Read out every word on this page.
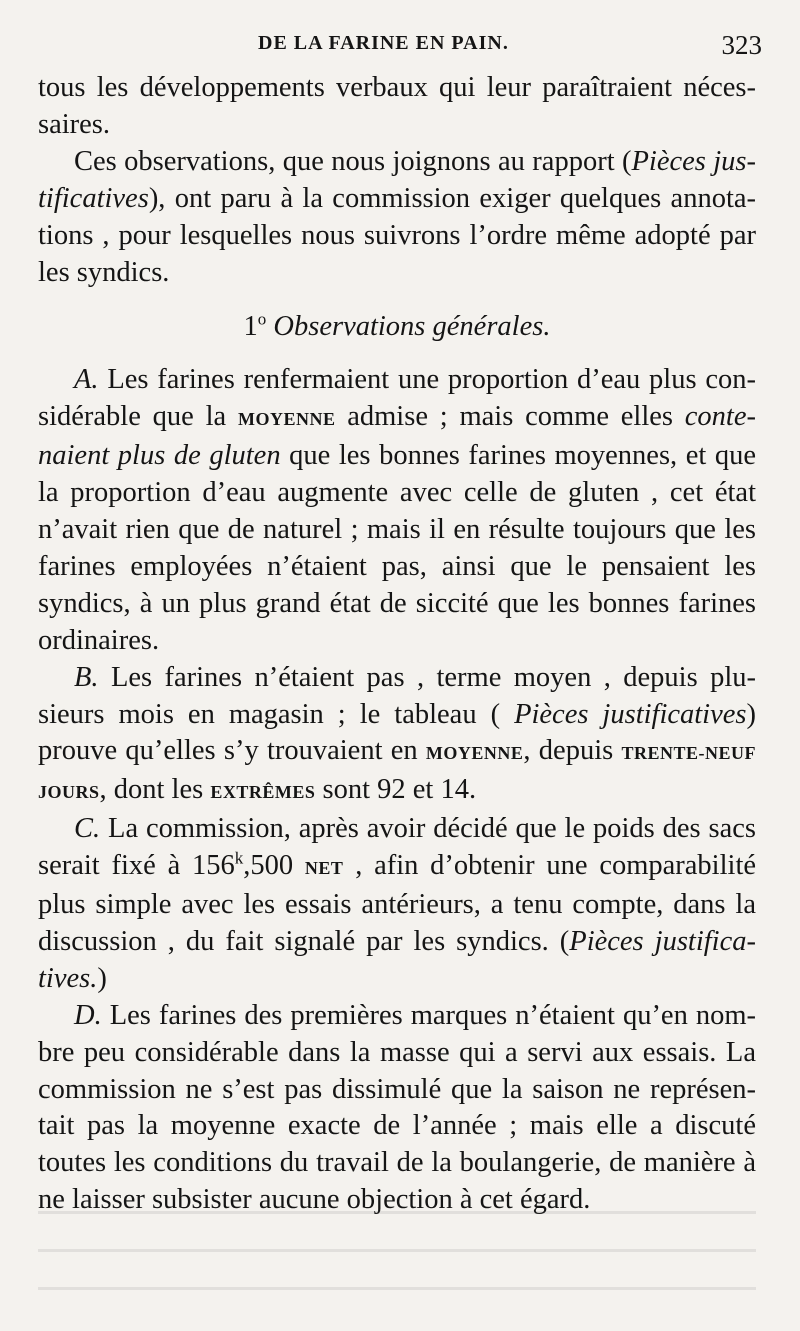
DE LA FARINE EN PAIN.	323

tous les développements verbaux qui leur paraîtraient néces-saires.

Ces observations, que nous joignons au rapport (Pièces jus-tificatives), ont paru à la commission exiger quelques annota-tions , pour lesquelles nous suivrons l’ordre même adopté par les syndics.

1$^o$ Observations générales.

A. Les farines renfermaient une proportion d’eau plus con-sidérable que la MOYENNE admise ; mais comme elles conte-naient plus de gluten que les bonnes farines moyennes, et que la proportion d’eau augmente avec celle de gluten , cet état n’avait rien que de naturel ; mais il en résulte toujours que les farines employées n’étaient pas, ainsi que le pensaient les syndics, à un plus grand état de siccité que les bonnes farines ordinaires.

B. Les farines n’étaient pas , terme moyen , depuis plu-sieurs mois en magasin ; le tableau ( Pièces justificatives) prouve qu’elles s’y trouvaient en MOYENNE, depuis TRENTE-NEUF JOURS, dont les EXTRÊMES sont 92 et 14.

C. La commission, après avoir décidé que le poids des sacs serait fixé à 156$^k$,500 NET , afin d’obtenir une comparabilité plus simple avec les essais antérieurs, a tenu compte, dans la discussion , du fait signalé par les syndics. (Pièces justifica-tives.)

D. Les farines des premières marques n’étaient qu’en nom-bre peu considérable dans la masse qui a servi aux essais. La commission ne s’est pas dissimulé que la saison ne représen-tait pas la moyenne exacte de l’année ; mais elle a discuté toutes les conditions du travail de la boulangerie, de manière à ne laisser subsister aucune objection à cet égard.
